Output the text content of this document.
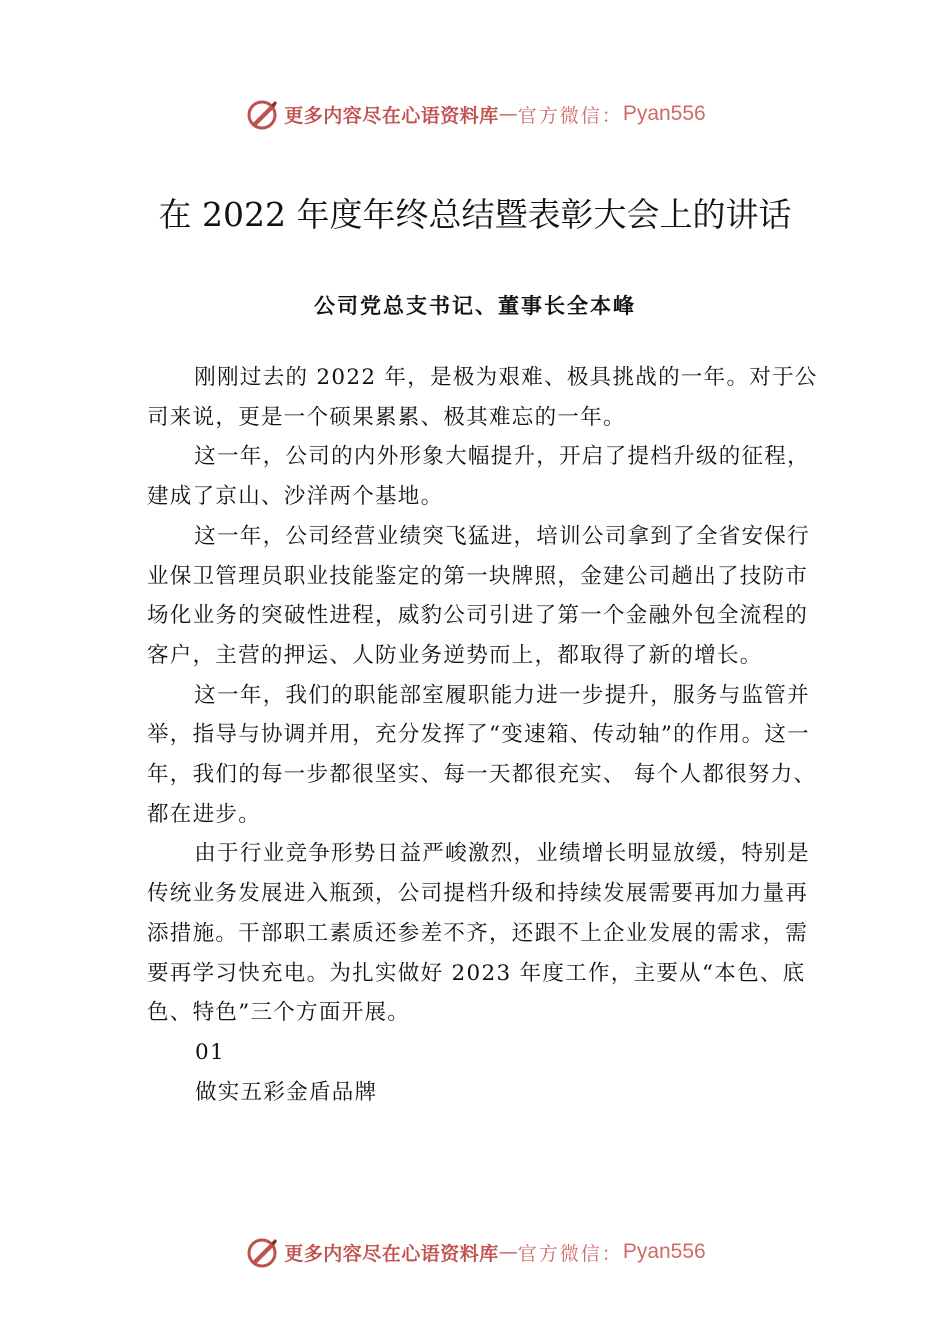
更多内容尽在心语资料库 — 官方微信： Pyan556
在 2022 年度年终总结暨表彰大会上的讲话
公司党总支书记、董事长全本峰

刚刚过去的 2022 年，是极为艰难、极具挑战的一年。对于公司来说，更是一个硕果累累、极其难忘的一年。

这一年，公司的内外形象大幅提升，开启了提档升级的征程，建成了京山、沙洋两个基地。

这一年，公司经营业绩突飞猛进，培训公司拿到了全省安保行业保卫管理员职业技能鉴定的第一块牌照，金建公司趟出了技防市场化业务的突破性进程，威豹公司引进了第一个金融外包全流程的客户，主营的押运、人防业务逆势而上，都取得了新的增长。

这一年，我们的职能部室履职能力进一步提升，服务与监管并举，指导与协调并用，充分发挥了“变速箱、传动轴”的作用。这一年，我们的每一步都很坚实、每一天都很充实、 每个人都很努力、都在进步。

由于行业竞争形势日益严峻激烈，业绩增长明显放缓，特别是传统业务发展进入瓶颈，公司提档升级和持续发展需要再加力量再添措施。干部职工素质还参差不齐，还跟不上企业发展的需求，需要再学习快充电。为扎实做好 2023 年度工作，主要从“本色、底色、特色”三个方面开展。

01

做实五彩金盾品牌

更多内容尽在心语资料库 — 官方微信： Pyan556
